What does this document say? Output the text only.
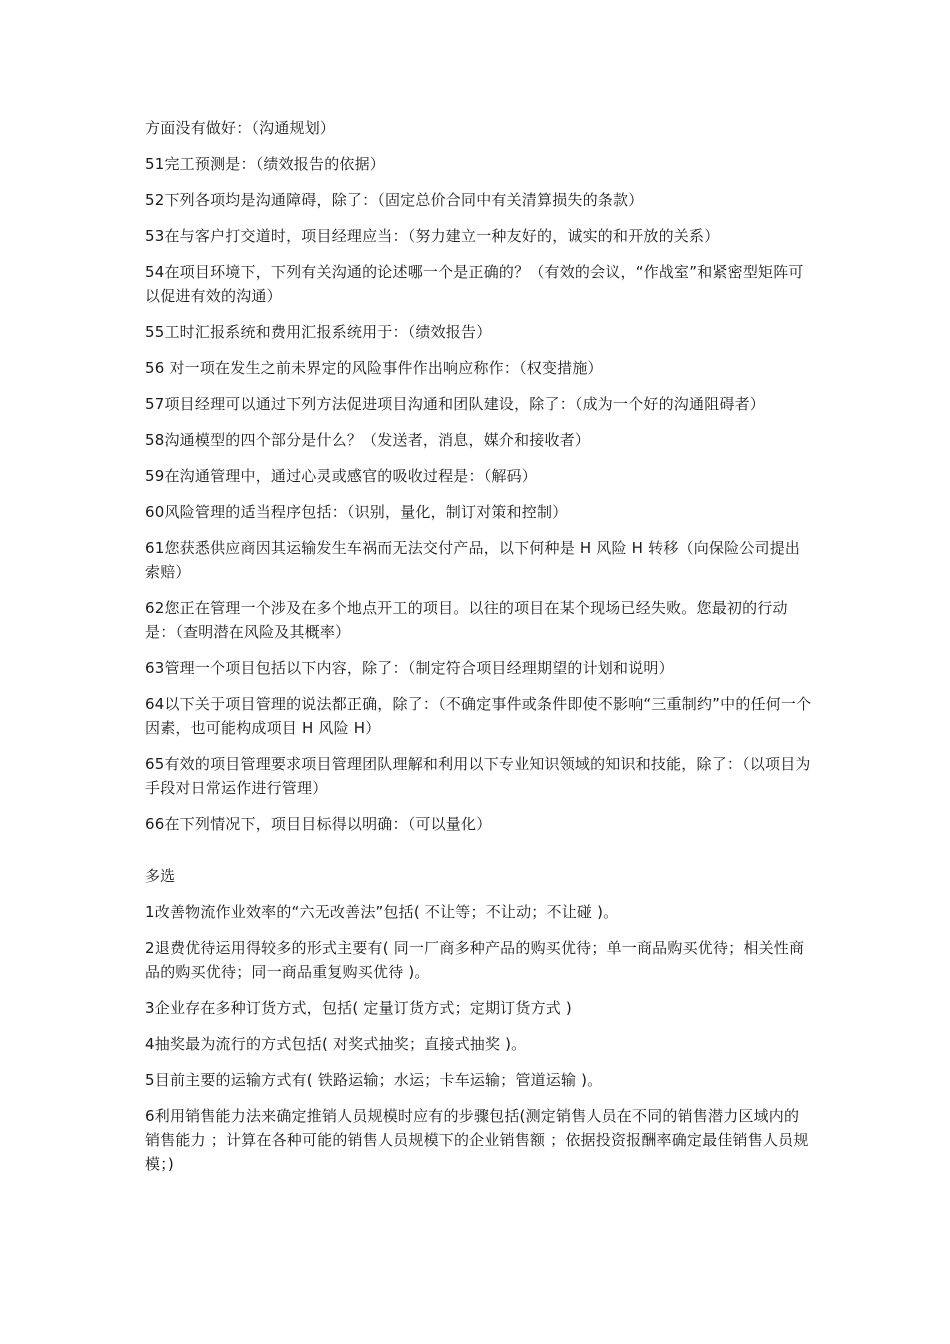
方面没有做好：（沟通规划）

51完工预测是：（绩效报告的依据）

52下列各项均是沟通障碍，除了：（固定总价合同中有关清算损失的条款）

53在与客户打交道时，项目经理应当：（努力建立一种友好的，诚实的和开放的关系）

54在项目环境下，下列有关沟通的论述哪一个是正确的？（有效的会议，“作战室”和紧密型矩阵可以促进有效的沟通）

55工时汇报系统和费用汇报系统用于：（绩效报告）

56 对一项在发生之前未界定的风险事件作出响应称作：（权变措施）

57项目经理可以通过下列方法促进项目沟通和团队建设，除了：（成为一个好的沟通阻碍者）

58沟通模型的四个部分是什么？（发送者，消息，媒介和接收者）

59在沟通管理中，通过心灵或感官的吸收过程是：（解码）

60风险管理的适当程序包括：（识别，量化，制订对策和控制）

61您获悉供应商因其运输发生车祸而无法交付产品，以下何种是 H 风险 H 转移（向保险公司提出索赔）

62您正在管理一个涉及在多个地点开工的项目。以往的项目在某个现场已经失败。您最初的行动是：（查明潜在风险及其概率）

63管理一个项目包括以下内容，除了：（制定符合项目经理期望的计划和说明）

64以下关于项目管理的说法都正确，除了：（不确定事件或条件即使不影响“三重制约”中的任何一个因素，也可能构成项目 H 风险 H）

65有效的项目管理要求项目管理团队理解和利用以下专业知识领域的知识和技能，除了：（以项目为手段对日常运作进行管理）

66在下列情况下，项目目标得以明确：（可以量化）

多选

1改善物流作业效率的“六无改善法”包括( 不让等；不让动；不让碰 )。

2退费优待运用得较多的形式主要有( 同一厂商多种产品的购买优待；单一商品购买优待；相关性商品的购买优待；同一商品重复购买优待 )。

3企业存在多种订货方式，包括( 定量订货方式；定期订货方式 )

4抽奖最为流行的方式包括( 对奖式抽奖；直接式抽奖 )。

5目前主要的运输方式有( 铁路运输；水运；卡车运输；管道运输 )。

6利用销售能力法来确定推销人员规模时应有的步骤包括(测定销售人员在不同的销售潜力区域内的销售能力 ；计算在各种可能的销售人员规模下的企业销售额 ；依据投资报酬率确定最佳销售人员规模；)
